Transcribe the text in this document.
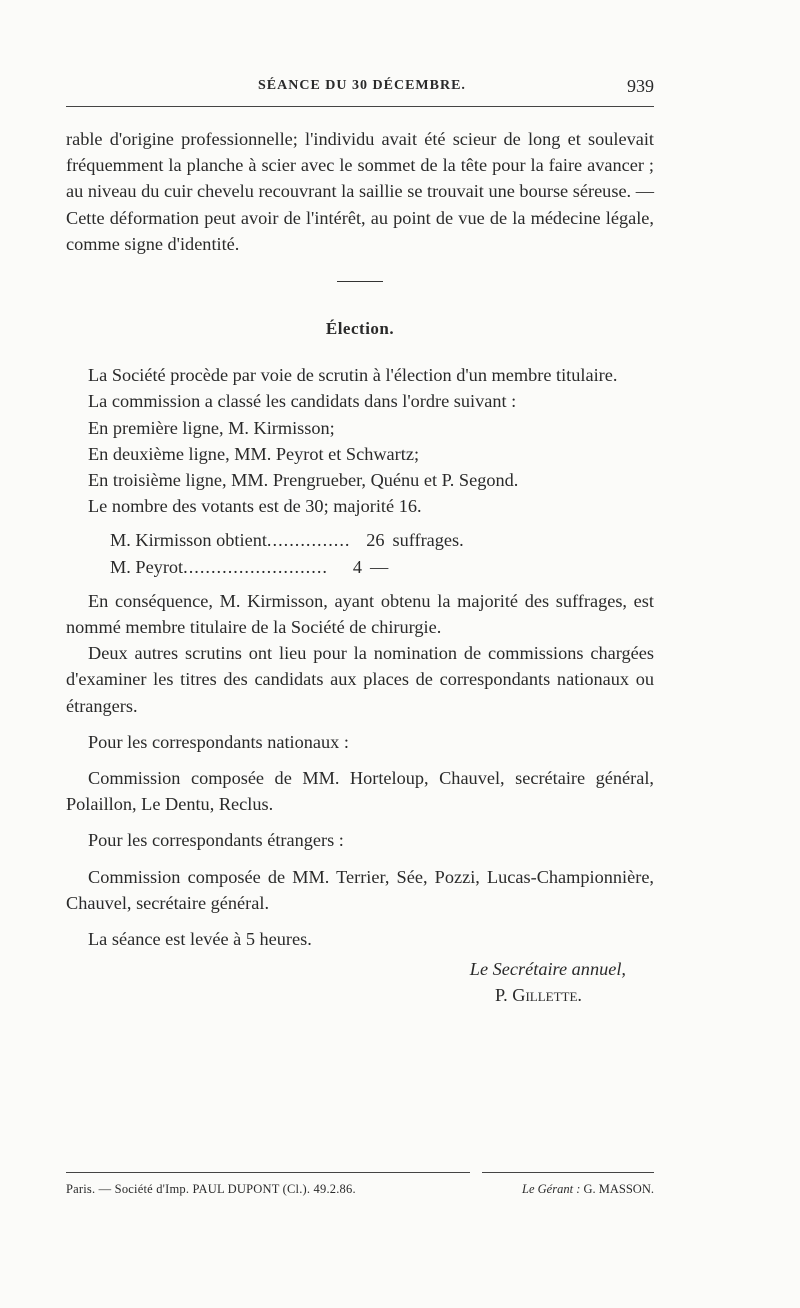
SÉANCE DU 30 DÉCEMBRE.	939

rable d'origine professionnelle; l'individu avait été scieur de long et soulevait fréquemment la planche à scier avec le sommet de la tête pour la faire avancer ; au niveau du cuir chevelu recouvrant la saillie se trouvait une bourse séreuse. — Cette déformation peut avoir de l'intérêt, au point de vue de la médecine légale, comme signe d'identité.

Élection.

La Société procède par voie de scrutin à l'élection d'un membre titulaire.

La commission a classé les candidats dans l'ordre suivant :

En première ligne, M. Kirmisson;

En deuxième ligne, MM. Peyrot et Schwartz;

En troisième ligne, MM. Prengrueber, Quénu et P. Segond.

Le nombre des votants est de 30; majorité 16.

M. Kirmisson obtient ............... 26 suffrages.
M. Peyrot ..........................	4 —

En conséquence, M. Kirmisson, ayant obtenu la majorité des suffrages, est nommé membre titulaire de la Société de chirurgie.

Deux autres scrutins ont lieu pour la nomination de commissions chargées d'examiner les titres des candidats aux places de correspondants nationaux ou étrangers.

Pour les correspondants nationaux :

Commission composée de MM. Horteloup, Chauvel, secrétaire général, Polaillon, Le Dentu, Reclus.

Pour les correspondants étrangers :

Commission composée de MM. Terrier, Sée, Pozzi, Lucas-Championnière, Chauvel, secrétaire général.

La séance est levée à 5 heures.

Le Secrétaire annuel,
P. Gillette.
Paris. — Société d'Imp. PAUL DUPONT (Cl.). 49.2.86.	Le Gérant : G. MASSON.
